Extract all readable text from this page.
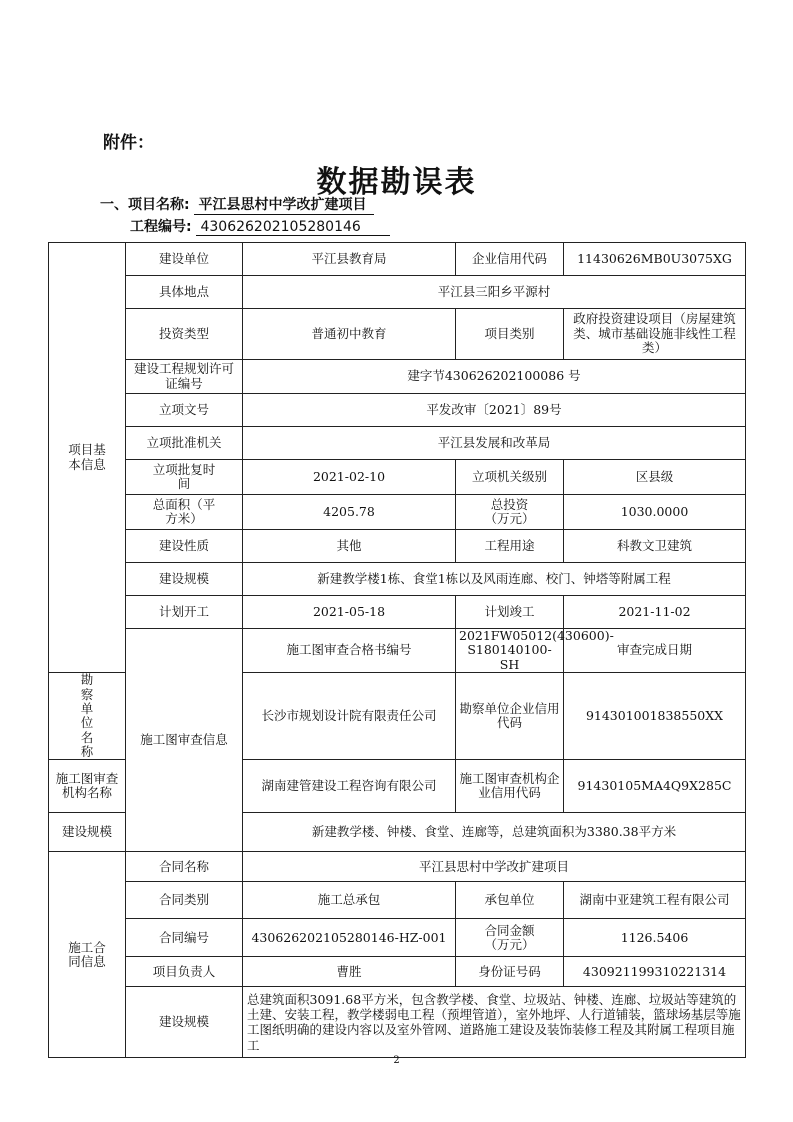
附件：
数据勘误表
一、项目名称: 平江县思村中学改扩建项目
工程编号: 430626202105280146
项目基本信息	建设单位	平江县教育局	企业信用代码	11430626MB0U3075XG	
	具体地点	平江县三阳乡平源村			
	投资类型	普通初中教育	项目类别	政府投资建设项目（房屋建筑类、城市基础设施非线性工程类）	
	建设工程规划许可证编号	建字节430626202100086 号			
	立项文号	平发改审〔2021〕89号			
	立项批准机关	平江县发展和改革局			
	立项批复时间	2021-02-10	立项机关级别	区县级	
	总面积（平方米）	4205.78	总投资（万元）	1030.0000	
	建设性质	其他	工程用途	科教文卫建筑	
	建设规模	新建教学楼1栋、食堂1栋以及风雨连廊、校门、钟塔等附属工程			
	计划开工	2021-05-18	计划竣工	2021-11-02	
	施工图审查信息	施工图审查合格书编号	2021FW05012(430600)-S180140100-SH	审查完成日期	
勘察单位名称		长沙市规划设计院有限责任公司	勘察单位企业信用代码	914301001838550XX	
施工图审查机构名称		湖南建管建设工程咨询有限公司	施工图审查机构企业信用代码	91430105MA4Q9X285C	
建设规模		新建教学楼、钟楼、食堂、连廊等，总建筑面积为3380.38平方米			
施工合同信息	合同名称	平江县思村中学改扩建项目			
	合同类别	施工总承包	承包单位	湖南中亚建筑工程有限公司	
	合同编号	430626202105280146-HZ-001	合同金额（万元）	1126.5406	
	项目负责人	曹胜	身份证号码	430921199310221314	
	建设规模	总建筑面积3091.68平方米，包含教学楼、食堂、垃圾站、钟楼、连廊、垃圾站等建筑的土建、安装工程，教学楼弱电工程（预埋管道），室外地坪、人行道铺装，篮球场基层等施工图纸明确的建设内容以及室外管网、道路施工建设及装饰装修工程及其附属工程项目施工			
2
